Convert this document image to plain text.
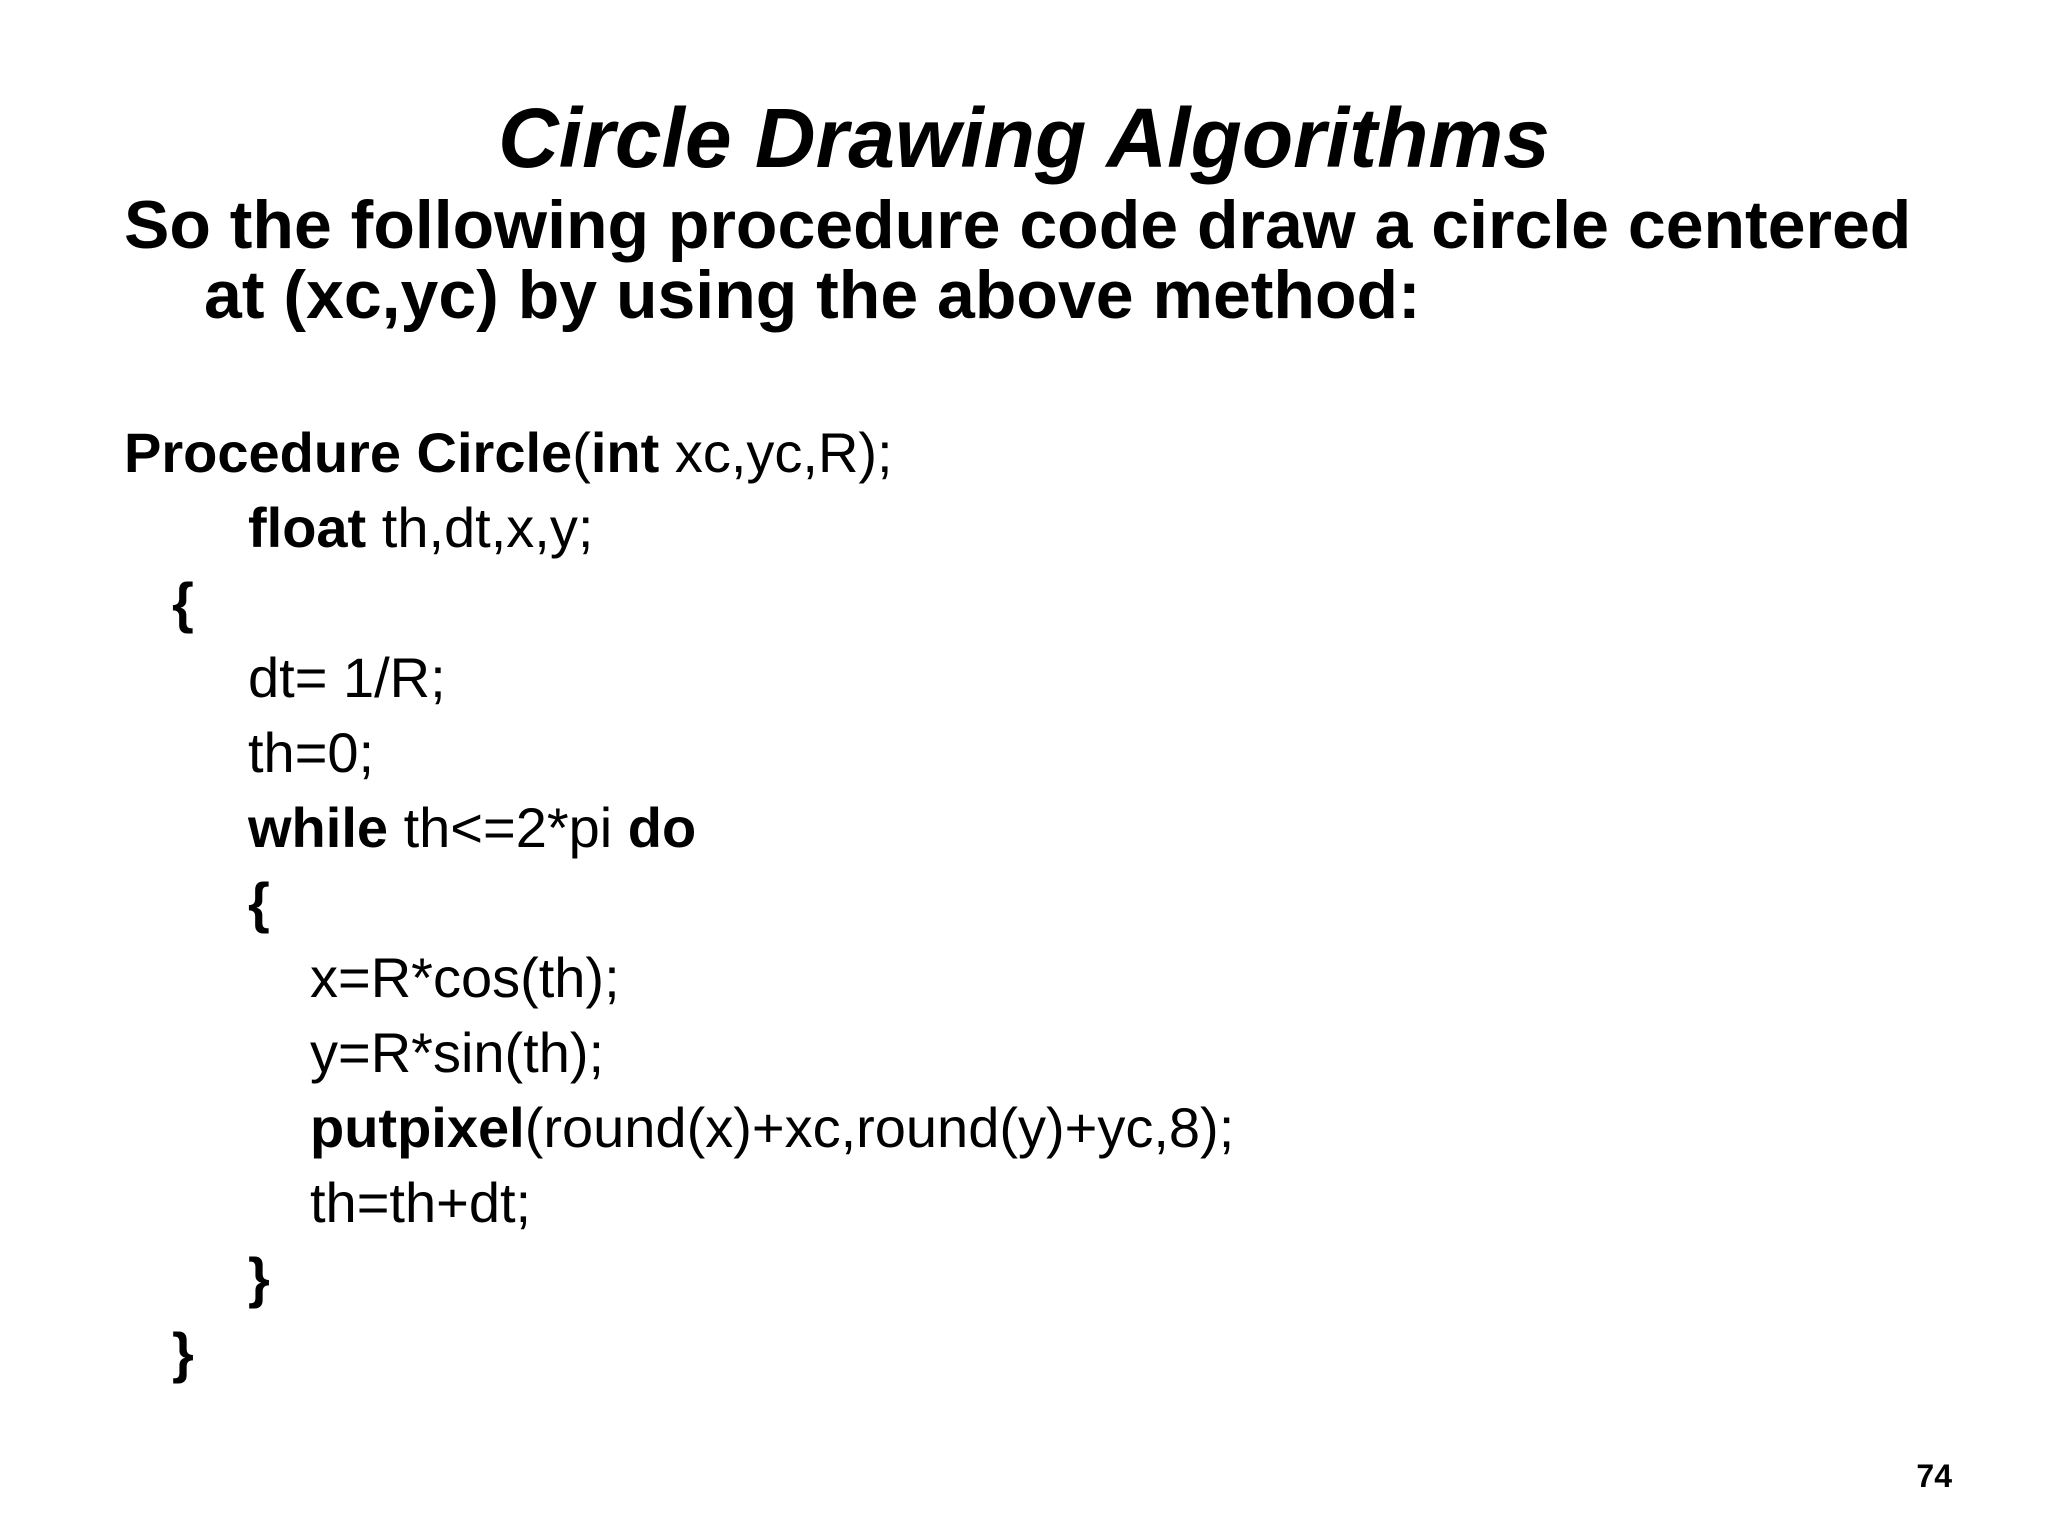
Circle Drawing Algorithms
So the following procedure code draw a circle centered
at (xc,yc) by using the above method:
Procedure Circle(int xc,yc,R);
float th,dt,x,y;
{
dt= 1/R;
th=0;
while th<=2*pi do
{
x=R*cos(th);
y=R*sin(th);
putpixel(round(x)+xc,round(y)+yc,8);
th=th+dt;
}
}
74
